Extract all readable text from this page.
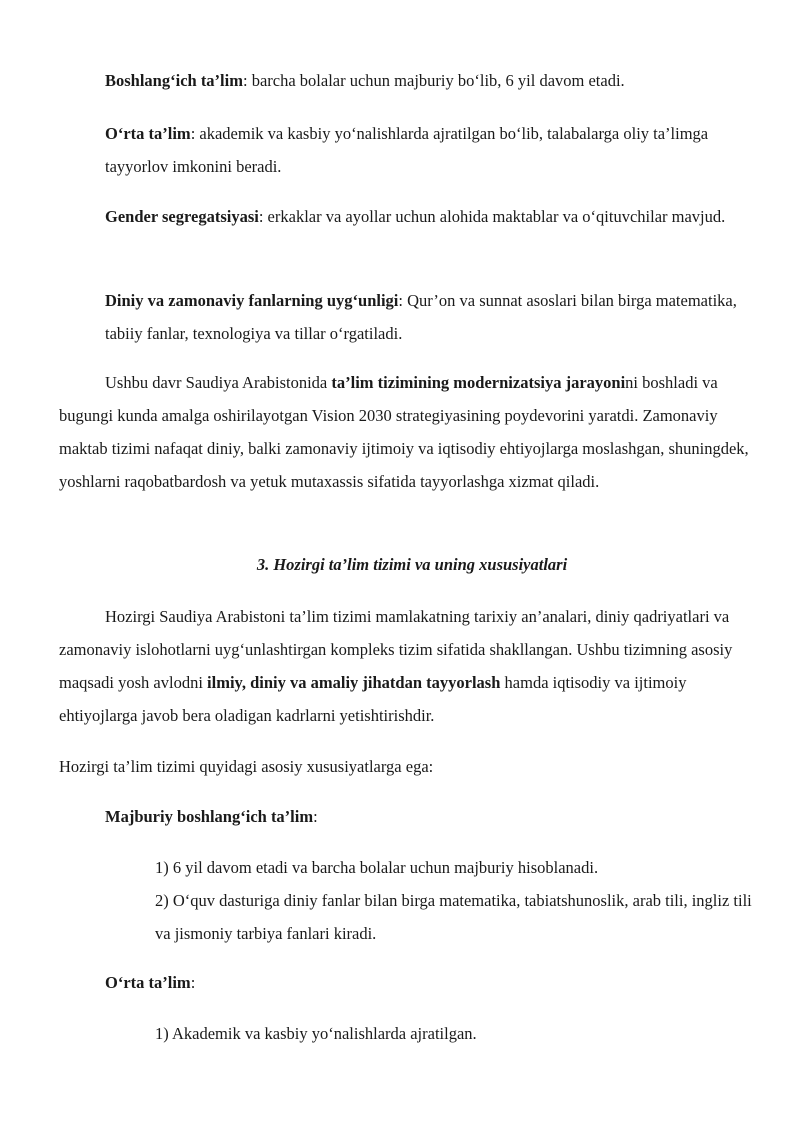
Boshlang‘ich ta’lim: barcha bolalar uchun majburiy bo‘lib, 6 yil davom etadi.

O‘rta ta’lim: akademik va kasbiy yo‘nalishlarda ajratilgan bo‘lib, talabalarga oliy ta’limga tayyorlov imkonini beradi.

Gender segregatsiyasi: erkaklar va ayollar uchun alohida maktablar va o‘qituvchilar mavjud.

Diniy va zamonaviy fanlarning uyg‘unligi: Qur’on va sunnat asoslari bilan birga matematika, tabiiy fanlar, texnologiya va tillar o‘rgatiladi.

Ushbu davr Saudiya Arabistonida ta’lim tizimining modernizatsiya jarayonini boshladi va bugungi kunda amalga oshirilayotgan Vision 2030 strategiyasining poydevorini yaratdi. Zamonaviy maktab tizimi nafaqat diniy, balki zamonaviy ijtimoiy va iqtisodiy ehtiyojlarga moslashgan, shuningdek, yoshlarni raqobatbardosh va yetuk mutaxassis sifatida tayyorlashga xizmat qiladi.

3. Hozirgi ta’lim tizimi va uning xususiyatlari

Hozirgi Saudiya Arabistoni ta’lim tizimi mamlakatning tarixiy an’analari, diniy qadriyatlari va zamonaviy islohotlarni uyg‘unlashtirgan kompleks tizim sifatida shakllangan. Ushbu tizimning asosiy maqsadi yosh avlodni ilmiy, diniy va amaliy jihatdan tayyorlash hamda iqtisodiy va ijtimoiy ehtiyojlarga javob bera oladigan kadrlarni yetishtirishdir.

Hozirgi ta’lim tizimi quyidagi asosiy xususiyatlarga ega:

Majburiy boshlang‘ich ta’lim:

1) 6 yil davom etadi va barcha bolalar uchun majburiy hisoblanadi.

2) O‘quv dasturiga diniy fanlar bilan birga matematika, tabiatshunoslik, arab tili, ingliz tili va jismoniy tarbiya fanlari kiradi.

O‘rta ta’lim:

1) Akademik va kasbiy yo‘nalishlarda ajratilgan.
